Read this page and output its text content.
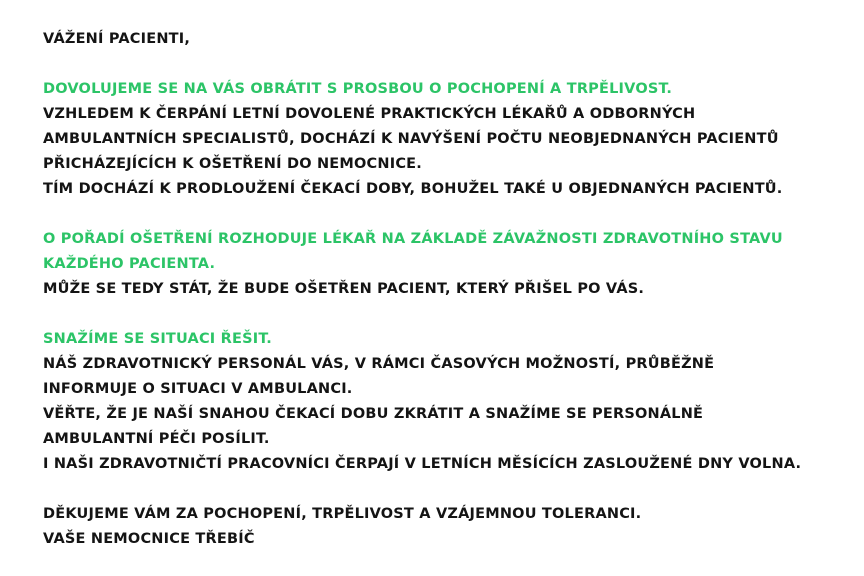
VÁŽENÍ PACIENTI,
DOVOLUJEME SE NA VÁS OBRÁTIT S PROSBOU O POCHOPENÍ A TRPĚLIVOST.
VZHLEDEM K ČERPÁNÍ LETNÍ DOVOLENÉ PRAKTICKÝCH LÉKAŘŮ A ODBORNÝCH
AMBULANTNÍCH SPECIALISTŮ, DOCHÁZÍ K NAVÝŠENÍ POČTU NEOBJEDNANÝCH PACIENTŮ
PŘICHÁZEJÍCÍCH K OŠETŘENÍ DO NEMOCNICE.
TÍM DOCHÁZÍ K PRODLOUŽENÍ ČEKACÍ DOBY, BOHUŽEL TAKÉ U OBJEDNANÝCH PACIENTŮ.
O POŘADÍ OŠETŘENÍ ROZHODUJE LÉKAŘ NA ZÁKLADĚ ZÁVAŽNOSTI ZDRAVOTNÍHO STAVU
KAŽDÉHO PACIENTA.
MŮŽE SE TEDY STÁT, ŽE BUDE OŠETŘEN PACIENT, KTERÝ PŘIŠEL PO VÁS.
SNAŽÍME SE SITUACI ŘEŠIT.
NÁŠ ZDRAVOTNICKÝ PERSONÁL VÁS, V RÁMCI ČASOVÝCH MOŽNOSTÍ, PRŮBĚŽNĚ
INFORMUJE O SITUACI V AMBULANCI.
VĚŘTE, ŽE JE NAŠÍ SNAHOU ČEKACÍ DOBU ZKRÁTIT A SNAŽÍME SE PERSONÁLNĚ
AMBULANTNÍ PÉČI POSÍLIT.
I NAŠI ZDRAVOTNIČTÍ PRACOVNÍCI ČERPAJÍ V LETNÍCH MĚSÍCÍCH ZASLOUŽENÉ DNY VOLNA.
DĚKUJEME VÁM ZA POCHOPENÍ, TRPĚLIVOST A VZÁJEMNOU TOLERANCI.
VAŠE NEMOCNICE TŘEBÍČ
